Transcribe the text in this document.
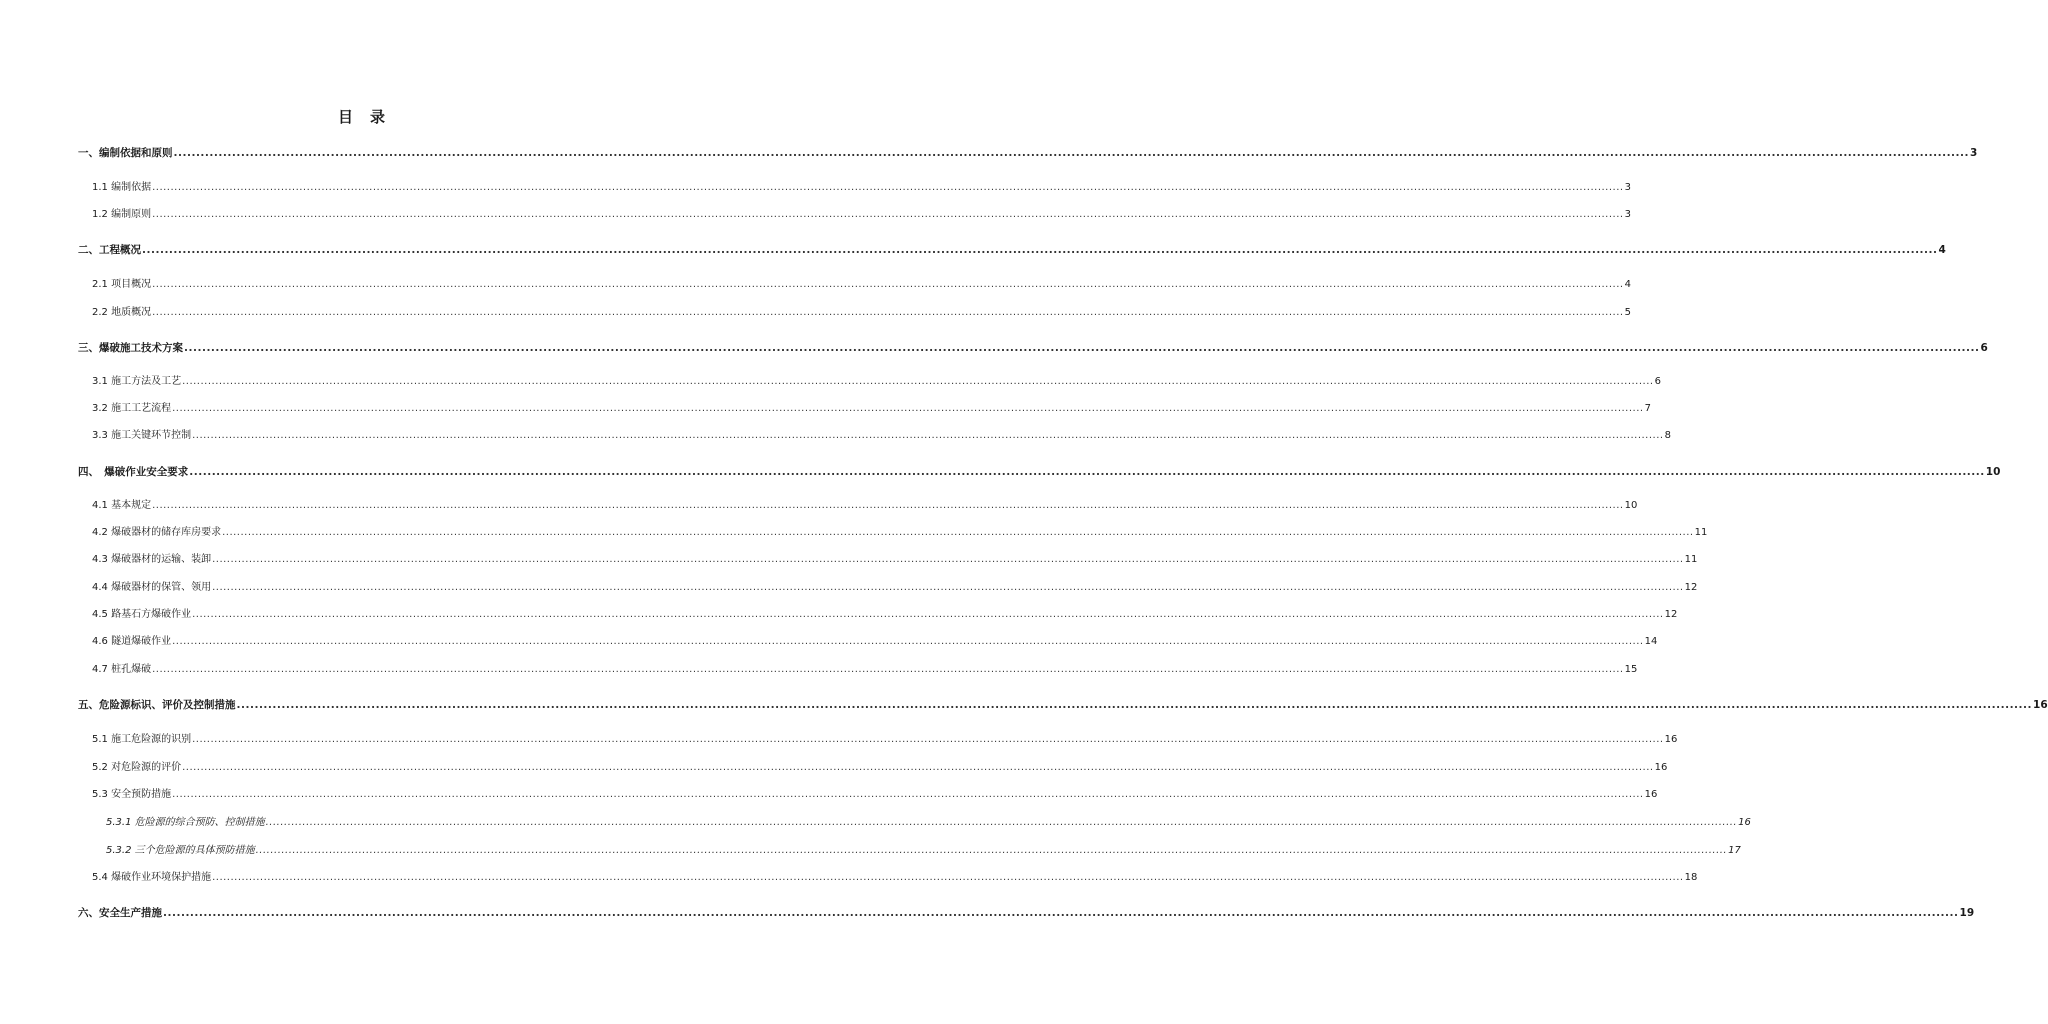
目　录
一、编制依据和原则 ................................................................................................................................................................................................................................................................................................................................................................................................................ 3
1.1 编制依据 ................................................................................................................................................................................................................................................................................................................................................................................................................ 3
1.2 编制原则 ................................................................................................................................................................................................................................................................................................................................................................................................................ 3
二、工程概况 ................................................................................................................................................................................................................................................................................................................................................................................................................ 4
2.1 项目概况 ................................................................................................................................................................................................................................................................................................................................................................................................................ 4
2.2 地质概况 ................................................................................................................................................................................................................................................................................................................................................................................................................ 5
三、爆破施工技术方案 ................................................................................................................................................................................................................................................................................................................................................................................................................ 6
3.1 施工方法及工艺 ................................................................................................................................................................................................................................................................................................................................................................................................................ 6
3.2 施工工艺流程 ................................................................................................................................................................................................................................................................................................................................................................................................................ 7
3.3 施工关键环节控制 ................................................................................................................................................................................................................................................................................................................................................................................................................ 8
四、　爆破作业安全要求 ................................................................................................................................................................................................................................................................................................................................................................................................................ 10
4.1 基本规定 ................................................................................................................................................................................................................................................................................................................................................................................................................ 10
4.2 爆破器材的储存库房要求 ................................................................................................................................................................................................................................................................................................................................................................................................................ 11
4.3 爆破器材的运输、装卸 ................................................................................................................................................................................................................................................................................................................................................................................................................ 11
4.4 爆破器材的保管、领用 ................................................................................................................................................................................................................................................................................................................................................................................................................ 12
4.5 路基石方爆破作业 ................................................................................................................................................................................................................................................................................................................................................................................................................ 12
4.6 隧道爆破作业 ................................................................................................................................................................................................................................................................................................................................................................................................................ 14
4.7 桩孔爆破 ................................................................................................................................................................................................................................................................................................................................................................................................................ 15
五、危险源标识、评价及控制措施 ................................................................................................................................................................................................................................................................................................................................................................................................................ 16
5.1 施工危险源的识别 ................................................................................................................................................................................................................................................................................................................................................................................................................ 16
5.2 对危险源的评价 ................................................................................................................................................................................................................................................................................................................................................................................................................ 16
5.3 安全预防措施 ................................................................................................................................................................................................................................................................................................................................................................................................................ 16
5.3.1 危险源的综合预防、控制措施 ................................................................................................................................................................................................................................................................................................................................................................................................................ 16
5.3.2 三个危险源的具体预防措施 ................................................................................................................................................................................................................................................................................................................................................................................................................ 17
5.4 爆破作业环境保护措施 ................................................................................................................................................................................................................................................................................................................................................................................................................ 18
六、安全生产措施 ................................................................................................................................................................................................................................................................................................................................................................................................................ 19
